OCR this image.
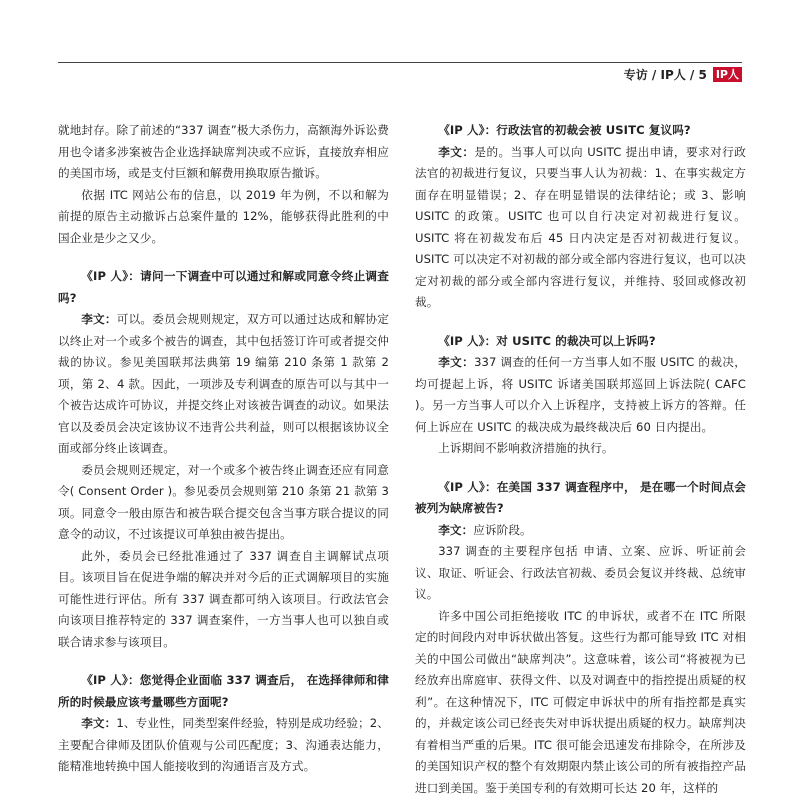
专访 / IP人 / 5 IP人

就地封存。除了前述的“337 调查”极大杀伤力，高额海外诉讼费用也令诸多涉案被告企业选择缺席判决或不应诉，直接放弃相应的美国市场，或是支付巨额和解费用换取原告撤诉。

依据 ITC 网站公布的信息，以 2019 年为例，不以和解为前提的原告主动撤诉占总案件量的 12%，能够获得此胜利的中国企业是少之又少。

《IP 人》：请问一下调查中可以通过和解或同意令终止调查吗?

李文：可以。委员会规则规定，双方可以通过达成和解协定以终止对一个或多个被告的调查，其中包括签订许可或者提交仲裁的协议。参见美国联邦法典第 19 编第 210 条第 1 款第 2 项，第 2、4 款。因此，一项涉及专利调查的原告可以与其中一个被告达成许可协议，并提交终止对该被告调查的动议。如果法官以及委员会决定该协议不违背公共利益，则可以根据该协议全面或部分终止该调查。

委员会规则还规定，对一个或多个被告终止调查还应有同意令( Consent Order )。参见委员会规则第 210 条第 21 款第 3 项。同意令一般由原告和被告联合提交包含当事方联合提议的同意令的动议，不过该提议可单独由被告提出。

此外，委员会已经批准通过了 337 调查自主调解试点项目。该项目旨在促进争端的解决并对今后的正式调解项目的实施可能性进行评估。所有 337 调查都可纳入该项目。行政法官会向该项目推荐特定的 337 调查案件，一方当事人也可以独自或联合请求参与该项目。

《IP 人》：您觉得企业面临 337 调查后， 在选择律师和律所的时候最应该考量哪些方面呢?

李文：1、专业性，同类型案件经验，特别是成功经验；2、主要配合律师及团队价值观与公司匹配度；3、沟通表达能力，能精准地转换中国人能接收到的沟通语言及方式。

《IP 人》：行政法官的初裁会被 USITC 复议吗?

李文：是的。当事人可以向 USITC 提出申请，要求对行政法官的初裁进行复议，只要当事人认为初裁：1、在事实裁定方面存在明显错误；2、存在明显错误的法律结论；或 3、影响 USITC 的政策。USITC 也可以自行决定对初裁进行复议。USITC 将在初裁发布后 45 日内决定是否对初裁进行复议。USITC 可以决定不对初裁的部分或全部内容进行复议，也可以决定对初裁的部分或全部内容进行复议，并维持、驳回或修改初裁。

《IP 人》：对 USITC 的裁决可以上诉吗?

李文：337 调查的任何一方当事人如不服 USITC 的裁决，均可提起上诉，将 USITC 诉诸美国联邦巡回上诉法院( CAFC )。另一方当事人可以介入上诉程序，支持被上诉方的答辩。任何上诉应在 USITC 的裁决成为最终裁决后 60 日内提出。

上诉期间不影响救济措施的执行。

《IP 人》：在美国 337 调查程序中， 是在哪一个时间点会被列为缺席被告?

李文：应诉阶段。

337 调查的主要程序包括 申请、立案、应诉、听证前会议、取证、听证会、行政法官初裁、委员会复议并终裁、总统审议。

许多中国公司拒绝接收 ITC 的申诉状，或者不在 ITC 所限定的时间段内对申诉状做出答复。这些行为都可能导致 ITC 对相关的中国公司做出“缺席判决”。这意味着，该公司“将被视为已经放弃出席庭审、获得文件、以及对调查中的指控提出质疑的权利”。在这种情况下，ITC 可假定申诉状中的所有指控都是真实的，并裁定该公司已经丧失对申诉状提出质疑的权力。缺席判决有着相当严重的后果。ITC 很可能会迅速发布排除令，在所涉及的美国知识产权的整个有效期限内禁止该公司的所有被指控产品进口到美国。鉴于美国专利的有效期可长达 20 年，这样的
